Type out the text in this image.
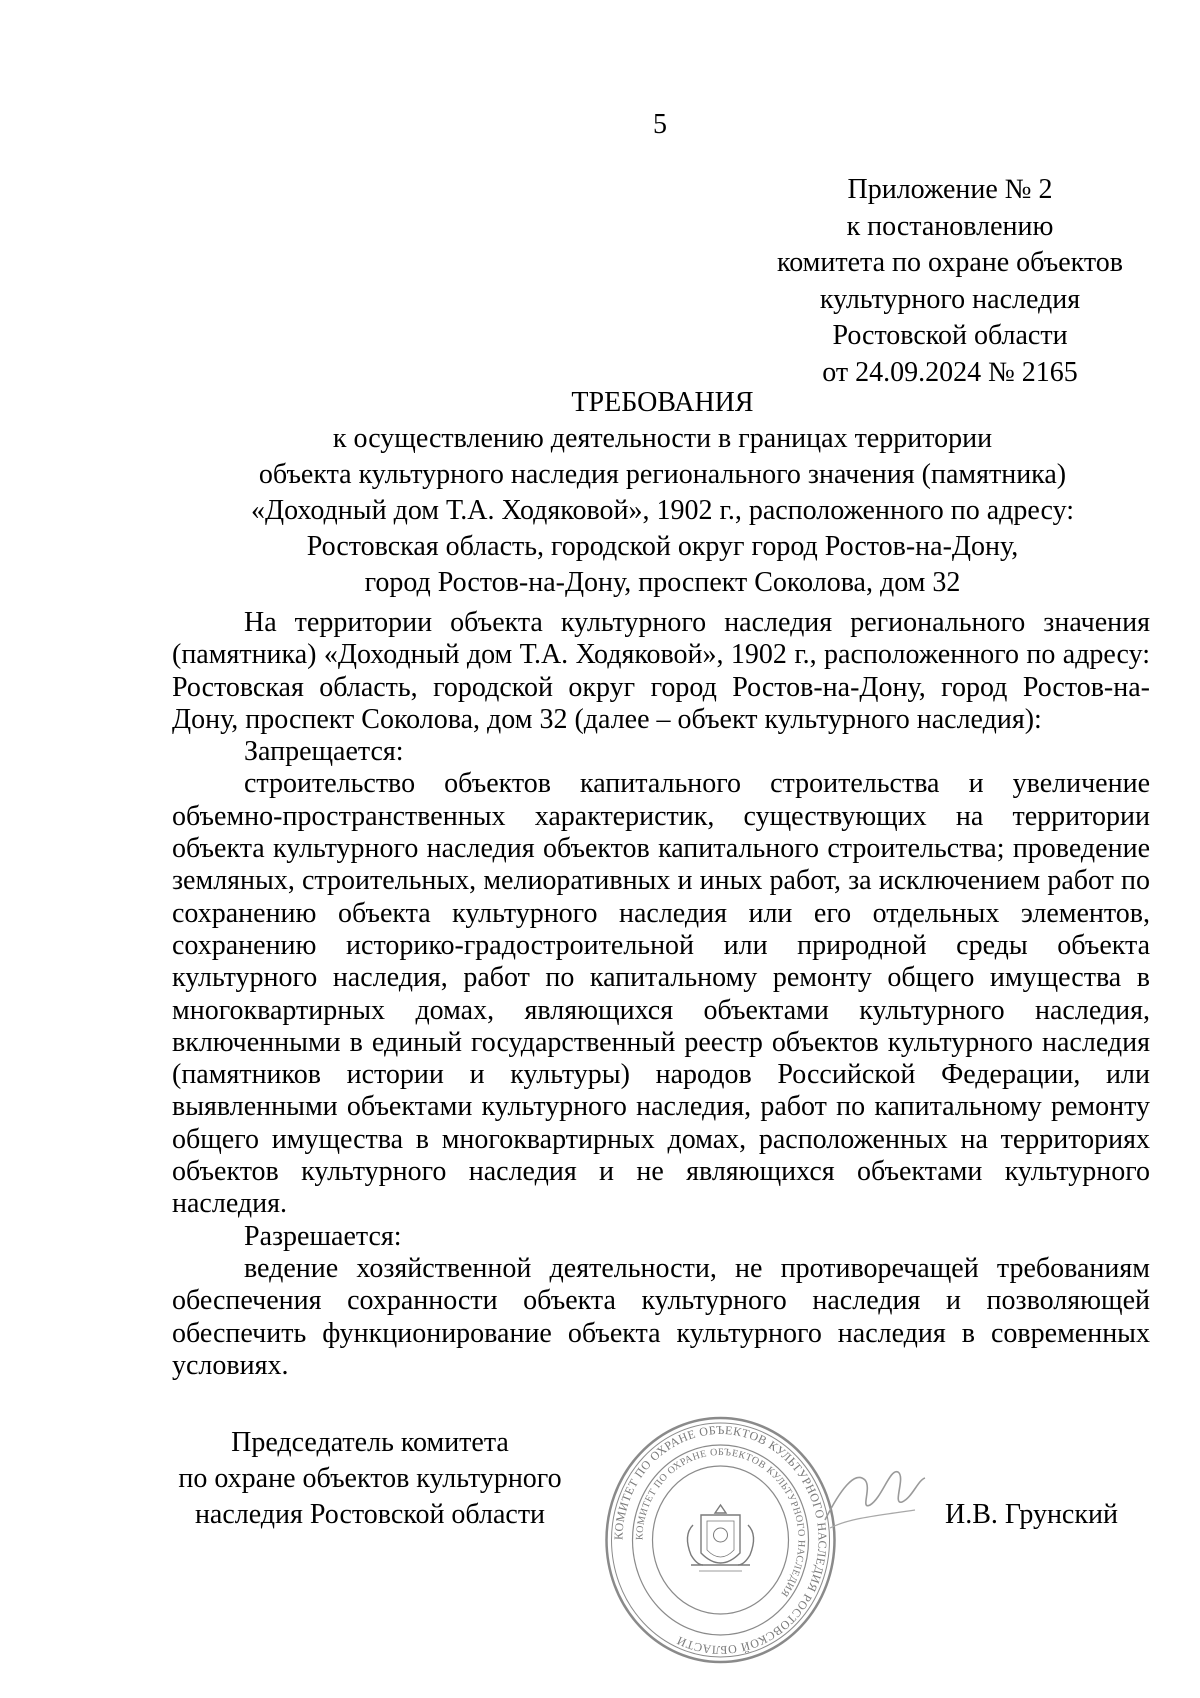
5
Приложение № 2
к постановлению
комитета по охране объектов
культурного наследия
Ростовской области
от 24.09.2024 № 2165
ТРЕБОВАНИЯ
к осуществлению деятельности в границах территории
объекта культурного наследия регионального значения (памятника)
«Доходный дом Т.А. Ходяковой», 1902 г., расположенного по адресу:
Ростовская область, городской округ город Ростов-на-Дону,
город Ростов-на-Дону, проспект Соколова, дом 32

На территории объекта культурного наследия регионального значения (памятника) «Доходный дом Т.А. Ходяковой», 1902 г., расположенного по адресу: Ростовская область, городской округ город Ростов-на-Дону, город Ростов-на-Дону, проспект Соколова, дом 32 (далее – объект культурного наследия):

Запрещается:

строительство объектов капитального строительства и увеличение объемно-пространственных характеристик, существующих на территории объекта культурного наследия объектов капитального строительства; проведение земляных, строительных, мелиоративных и иных работ, за исключением работ по сохранению объекта культурного наследия или его отдельных элементов, сохранению историко-градостроительной или природной среды объекта культурного наследия, работ по капитальному ремонту общего имущества в многоквартирных домах, являющихся объектами культурного наследия, включенными в единый государственный реестр объектов культурного наследия (памятников истории и культуры) народов Российской Федерации, или выявленными объектами культурного наследия, работ по капитальному ремонту общего имущества в многоквартирных домах, расположенных на территориях объектов культурного наследия и не являющихся объектами культурного наследия.

Разрешается:

ведение хозяйственной деятельности, не противоречащей требованиям обеспечения сохранности объекта культурного наследия и позволяющей обеспечить функционирование объекта культурного наследия в современных условиях.

Председатель комитета
по охране объектов культурного
наследия Ростовской области
КОМИТЕТ ПО ОХРАНЕ ОБЪЕКТОВ КУЛЬТУРНОГО НАСЛЕДИЯ РОСТОВСКОЙ ОБЛАСТИ
КОМИТЕТ ПО ОХРАНЕ ОБЪЕКТОВ КУЛЬТУРНОГО НАСЛЕДИЯ
И.В. Грунский
